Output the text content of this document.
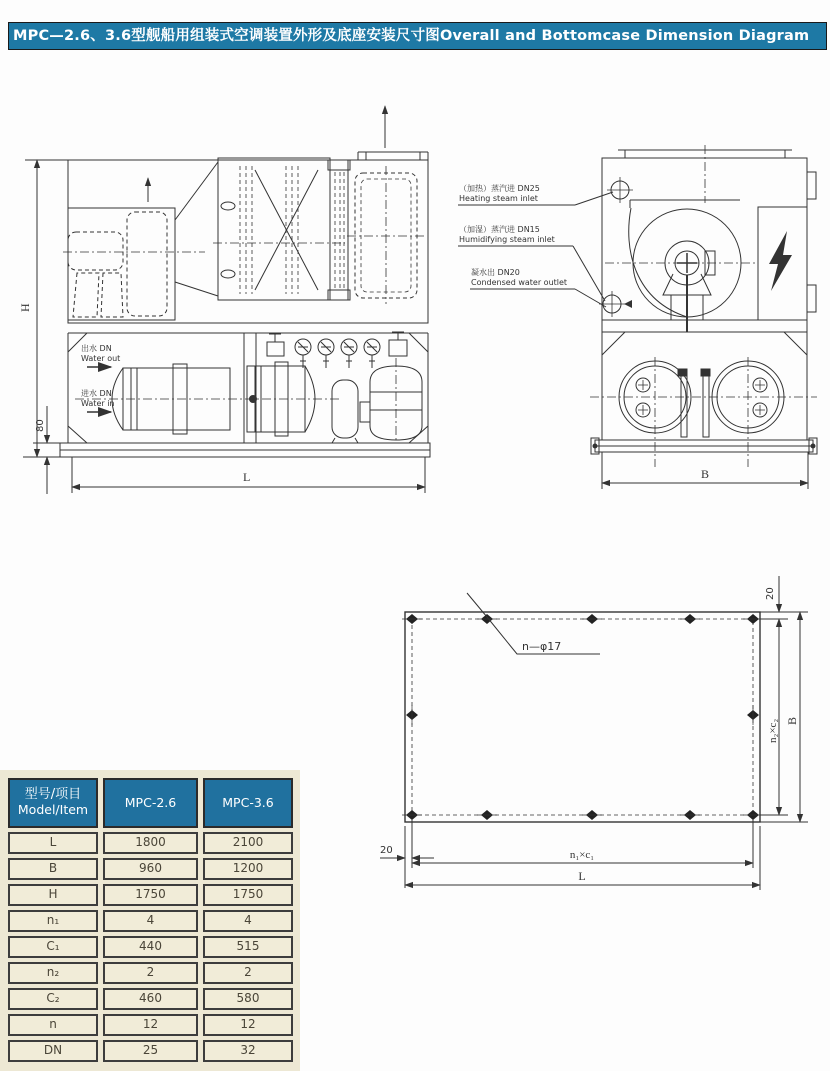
MPC—2.6、3.6型舰船用组装式空调装置外形及底座安装尺寸图Overall and Bottomcase Dimension Diagram
H
L
80
出水 DN
Water out
进水 DN
Water in
（加热）蒸汽进 DN25
Heating steam inlet
（加湿）蒸汽进 DN15
Humidifying steam inlet
凝水出 DN20
Condensed water outlet
B
n—φ17
20
n₂×c₂ B
20	n₁×c₁
L
型号/项目
Model/Item	MPC-2.6	MPC-3.6
L	1800	2100
B	960	1200
H	1750	1750
n₁	4	4
C₁	440	515
n₂	2	2
C₂	460	580
n	12	12
DN	25	32
